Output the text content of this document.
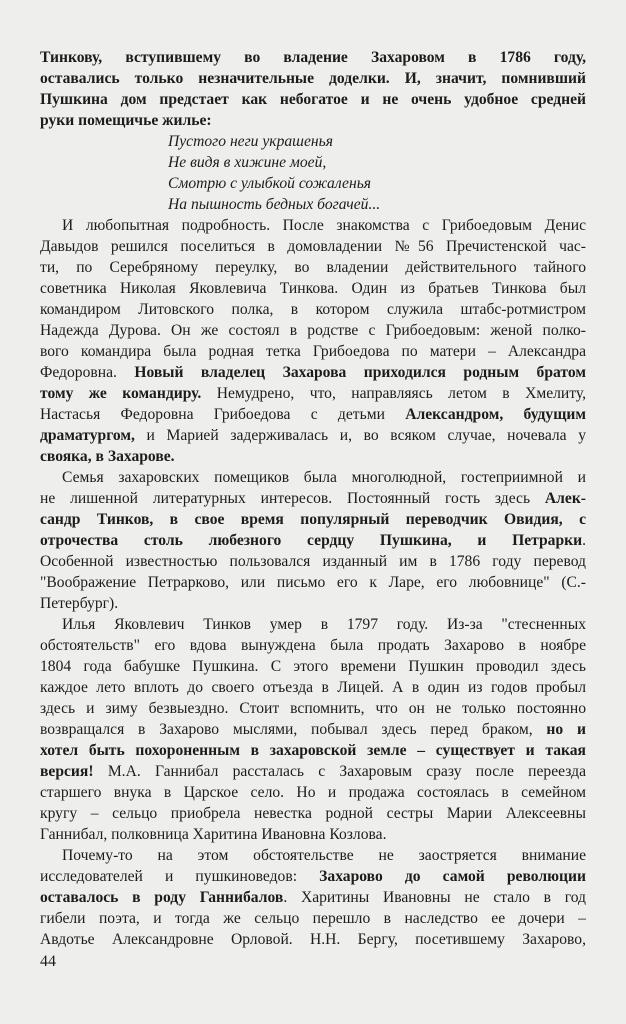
Тинкову, вступившему во владение Захаровом в 1786 году,
оставались только незначительные доделки. И, значит, помнивший
Пушкина дом предстает как небогатое и не очень удобное средней
руки помещичье жилье:
Пустого неги украшенья
Не видя в хижине моей,
Смотрю с улыбкой сожаленья
На пышность бедных богачей...
И любопытная подробность. После знакомства с Грибоедовым Денис
Давыдов решился поселиться в домовладении №56 Пречистенской час-
ти, по Серебряному переулку, во владении действительного тайного
советника Николая Яковлевича Тинкова. Один из братьев Тинкова был
командиром Литовского полка, в котором служила штабс-ротмистром
Надежда Дурова. Он же состоял в родстве с Грибоедовым: женой полко-
вого командира была родная тетка Грибоедова по матери – Александра
Федоровна. Новый владелец Захарова приходился родным братом
тому же командиру. Немудрено, что, направляясь летом в Хмелиту,
Настасья Федоровна Грибоедова с детьми Александром, будущим
драматургом, и Марией задерживалась и, во всяком случае, ночевала у
свояка, в Захарове.
Семья захаровских помещиков была многолюдной, гостеприимной и
не лишенной литературных интересов. Постоянный гость здесь Алек-
сандр Тинков, в свое время популярный переводчик Овидия, с
отрочества столь любезного сердцу Пушкина, и Петрарки.
Особенной известностью пользовался изданный им в 1786 году перевод
"Воображение Петрарково, или письмо его к Ларе, его любовнице" (С.-
Петербург).
Илья Яковлевич Тинков умер в 1797 году. Из-за "стесненных
обстоятельств" его вдова вынуждена была продать Захарово в ноябре
1804 года бабушке Пушкина. С этого времени Пушкин проводил здесь
каждое лето вплоть до своего отъезда в Лицей. А в один из годов пробыл
здесь и зиму безвыездно. Стоит вспомнить, что он не только постоянно
возвращался в Захарово мыслями, побывал здесь перед браком, но и
хотел быть похороненным в захаровской земле – существует и такая
версия! М.А. Ганнибал рассталась с Захаровым сразу после переезда
старшего внука в Царское село. Но и продажа состоялась в семейном
кругу – сельцо приобрела невестка родной сестры Марии Алексеевны
Ганнибал, полковница Харитина Ивановна Козлова.
Почему-то на этом обстоятельстве не заостряется внимание
исследователей и пушкиноведов: Захарово до самой революции
оставалось в роду Ганнибалов. Харитины Ивановны не стало в год
гибели поэта, и тогда же сельцо перешло в наследство ее дочери –
Авдотье Александровне Орловой. Н.Н. Бергу, посетившему Захарово,
44
